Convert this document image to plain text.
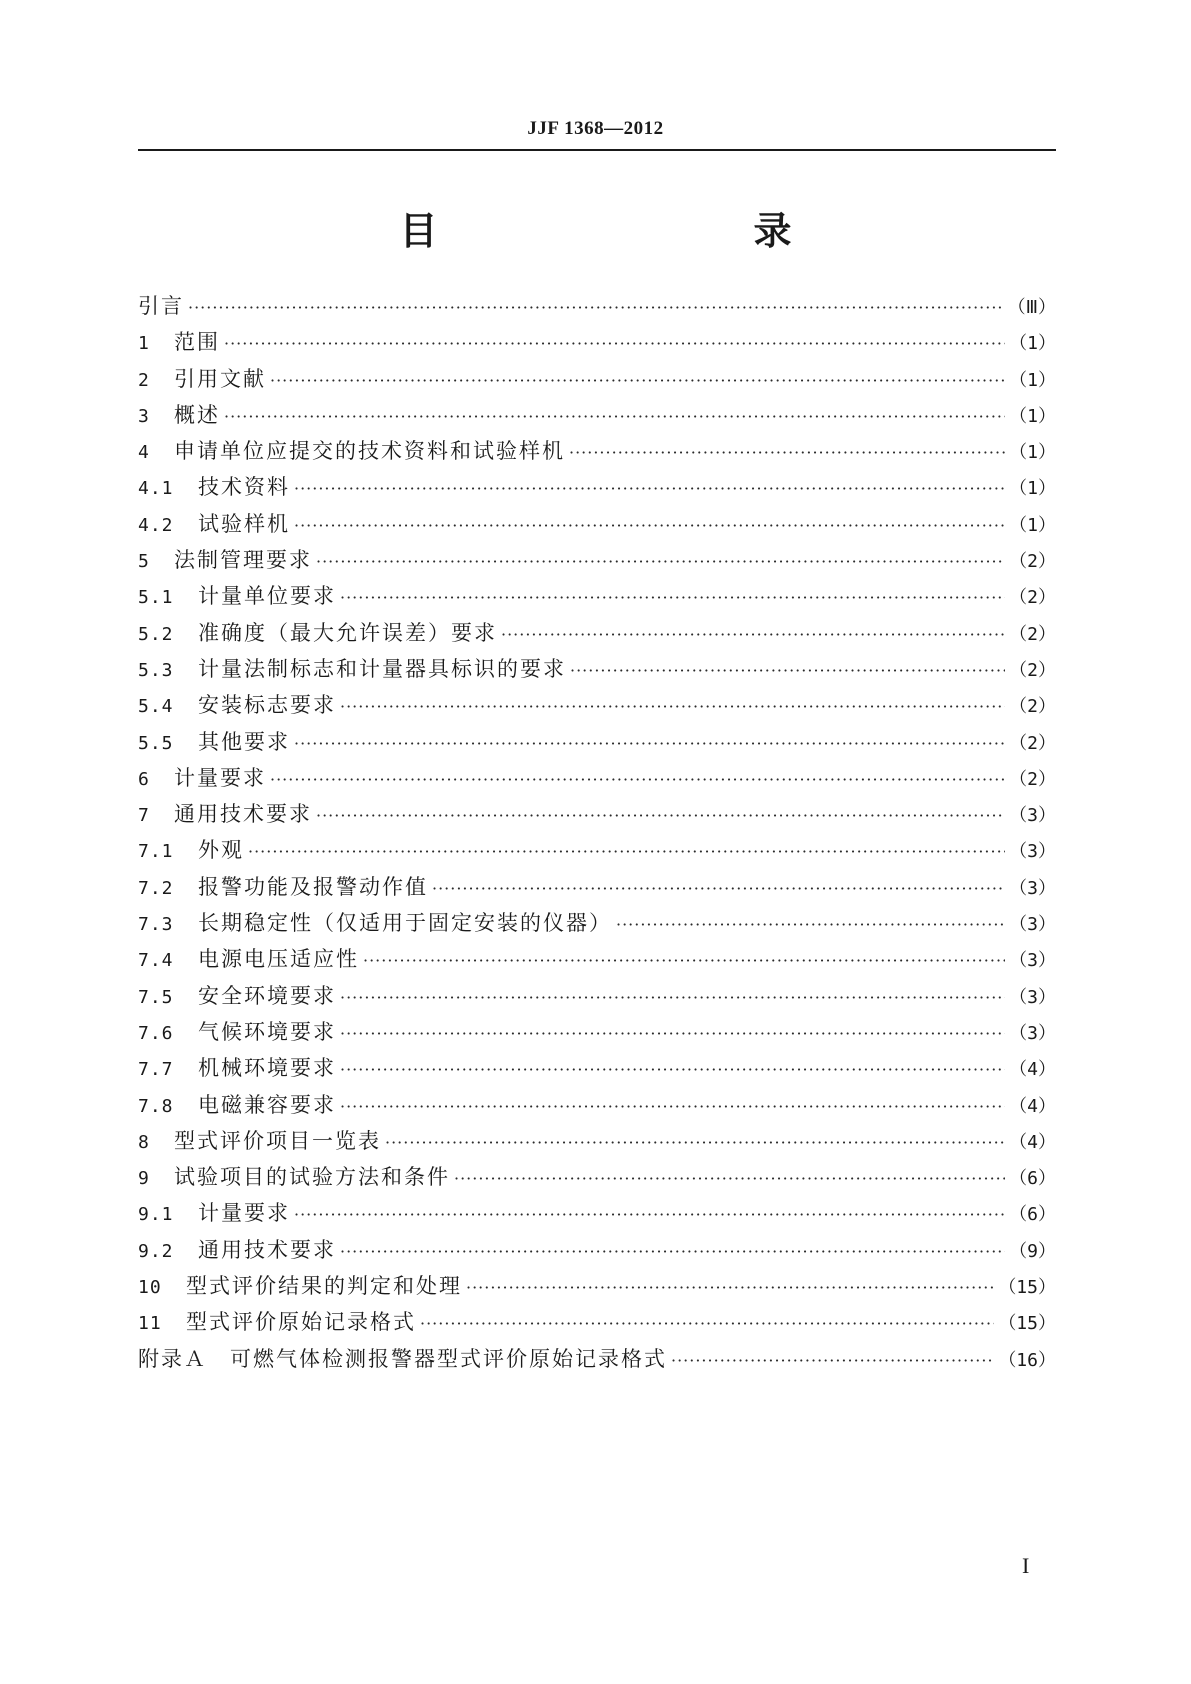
JJF 1368—2012
目　　录
引言 ·····	（Ⅲ）
1	范围 ·····	（1）
2	引用文献 ·····	（1）
3	概述 ·····	（1）
4	申请单位应提交的技术资料和试验样机 ·····	（1）
4.1	技术资料 ·····	（1）
4.2	试验样机 ·····	（1）
5	法制管理要求 ·····	（2）
5.1	计量单位要求 ·····	（2）
5.2	准确度（最大允许误差）要求 ·····	（2）
5.3	计量法制标志和计量器具标识的要求 ·····	（2）
5.4	安装标志要求 ·····	（2）
5.5	其他要求 ·····	（2）
6	计量要求 ·····	（2）
7	通用技术要求 ·····	（3）
7.1	外观 ·····	（3）
7.2	报警功能及报警动作值 ·····	（3）
7.3	长期稳定性（仅适用于固定安装的仪器） ·····	（3）
7.4	电源电压适应性 ·····	（3）
7.5	安全环境要求 ·····	（3）
7.6	气候环境要求 ·····	（3）
7.7	机械环境要求 ·····	（4）
7.8	电磁兼容要求 ·····	（4）
8	型式评价项目一览表 ·····	（4）
9	试验项目的试验方法和条件 ·····	（6）
9.1	计量要求 ·····	（6）
9.2	通用技术要求 ·····	（9）
10	型式评价结果的判定和处理 ·····	（15）
11	型式评价原始记录格式 ·····	（15）
附录Ａ　可燃气体检测报警器型式评价原始记录格式 ·····	（16）
I
